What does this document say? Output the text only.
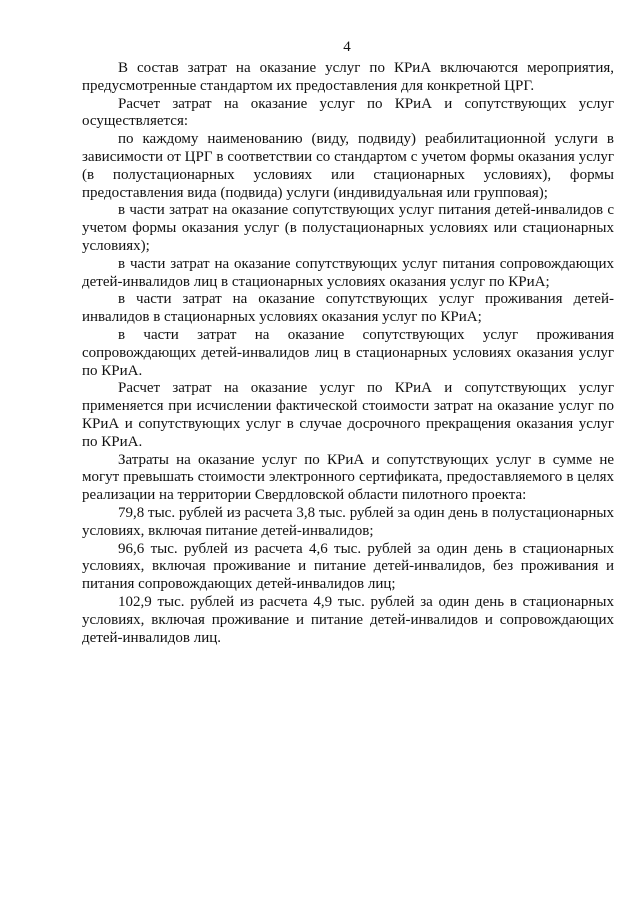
4

В состав затрат на оказание услуг по КРиА включаются мероприятия, предусмотренные стандартом их предоставления для конкретной ЦРГ.

Расчет затрат на оказание услуг по КРиА и сопутствующих услуг осуществляется:

по каждому наименованию (виду, подвиду) реабилитационной услуги в зависимости от ЦРГ в соответствии со стандартом с учетом формы оказания услуг (в полустационарных условиях или стационарных условиях), формы предоставления вида (подвида) услуги (индивидуальная или групповая);

в части затрат на оказание сопутствующих услуг питания детей-инвалидов с учетом формы оказания услуг (в полустационарных условиях или стационарных условиях);

в части затрат на оказание сопутствующих услуг питания сопровождающих детей-инвалидов лиц в стационарных условиях оказания услуг по КРиА;

в части затрат на оказание сопутствующих услуг проживания детей-инвалидов в стационарных условиях оказания услуг по КРиА;

в части затрат на оказание сопутствующих услуг проживания сопровождающих детей-инвалидов лиц в стационарных условиях оказания услуг по КРиА.

Расчет затрат на оказание услуг по КРиА и сопутствующих услуг применяется при исчислении фактической стоимости затрат на оказание услуг по КРиА и сопутствующих услуг в случае досрочного прекращения оказания услуг по КРиА.

Затраты на оказание услуг по КРиА и сопутствующих услуг в сумме не могут превышать стоимости электронного сертификата, предоставляемого в целях реализации на территории Свердловской области пилотного проекта:

79,8 тыс. рублей из расчета 3,8 тыс. рублей за один день в полустационарных условиях, включая питание детей-инвалидов;

96,6 тыс. рублей из расчета 4,6 тыс. рублей за один день в стационарных условиях, включая проживание и питание детей-инвалидов, без проживания и питания сопровождающих детей-инвалидов лиц;

102,9 тыс. рублей из расчета 4,9 тыс. рублей за один день в стационарных условиях, включая проживание и питание детей-инвалидов и сопровождающих детей-инвалидов лиц.
